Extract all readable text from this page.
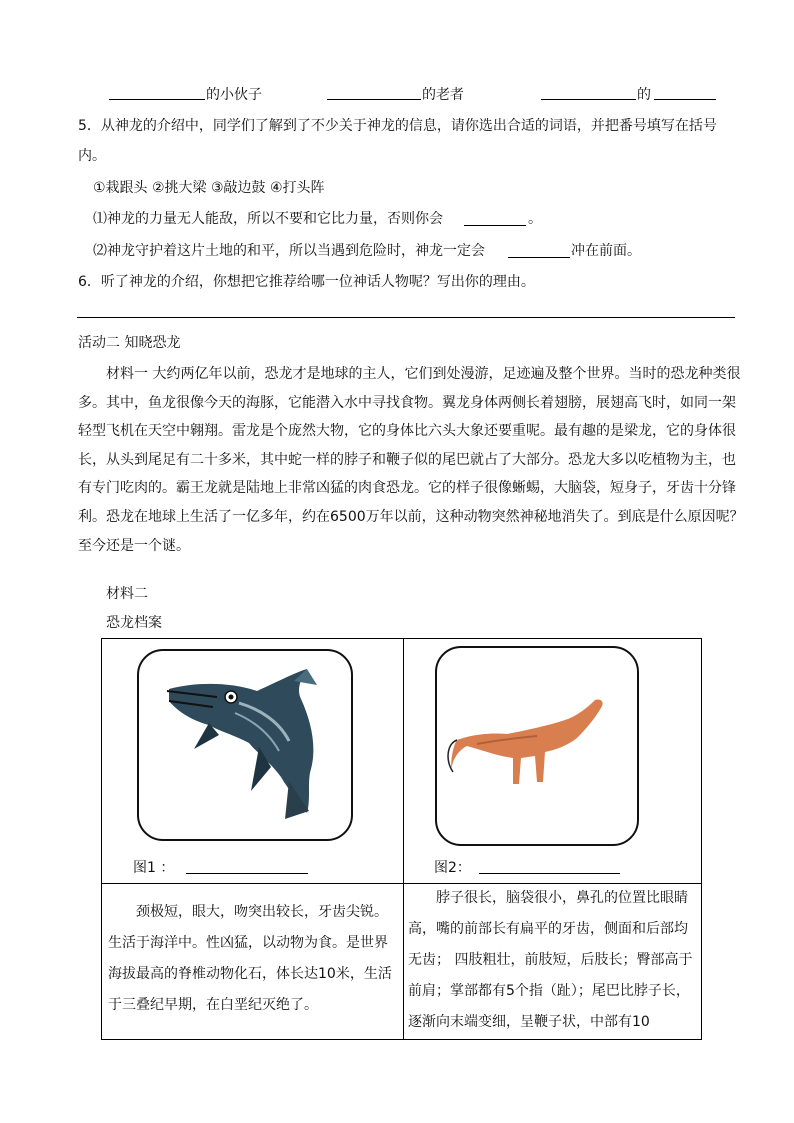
的小伙子	的老者	的
5．从神龙的介绍中，同学们了解到了不少关于神龙的信息，请你选出合适的词语，并把番号填写在括号
内。
①栽跟头 ②挑大梁 ③敲边鼓 ④打头阵
⑴神龙的力量无人能敌，所以不要和它比力量，否则你会	。
⑵神龙守护着这片土地的和平，所以当遇到危险时，神龙一定会	冲在前面。
6．听了神龙的介绍，你想把它推荐给哪一位神话人物呢？写出你的理由。
活动二 知晓恐龙
材料一 大约两亿年以前，恐龙才是地球的主人，它们到处漫游，足迹遍及整个世界。当时的恐龙种类很多。其中，鱼龙很像今天的海豚，它能潜入水中寻找食物。翼龙身体两侧长着翅膀，展翅高飞时，如同一架轻型飞机在天空中翱翔。雷龙是个庞然大物，它的身体比六头大象还要重呢。最有趣的是梁龙，它的身体很长，从头到尾足有二十多米，其中蛇一样的脖子和鞭子似的尾巴就占了大部分。恐龙大多以吃植物为主，也有专门吃肉的。霸王龙就是陆地上非常凶猛的肉食恐龙。它的样子很像蜥蜴，大脑袋，短身子，牙齿十分锋利。恐龙在地球上生活了一亿多年，约在6500万年以前，这种动物突然神秘地消失了。到底是什么原因呢？至今还是一个谜。
材料二
恐龙档案
图1 ：	图2：
颈极短，眼大，吻突出较长，牙齿尖锐。生活于海洋中。性凶猛，以动物为食。是世界海拔最高的脊椎动物化石，体长达10米，生活于三叠纪早期，在白垩纪灭绝了。
脖子很长，脑袋很小，鼻孔的位置比眼睛高，嘴的前部长有扁平的牙齿，侧面和后部均无齿； 四肢粗壮，前肢短，后肢长；臀部高于前肩；掌部都有5个指（趾）；尾巴比脖子长，逐渐向末端变细，呈鞭子状，中部有10
